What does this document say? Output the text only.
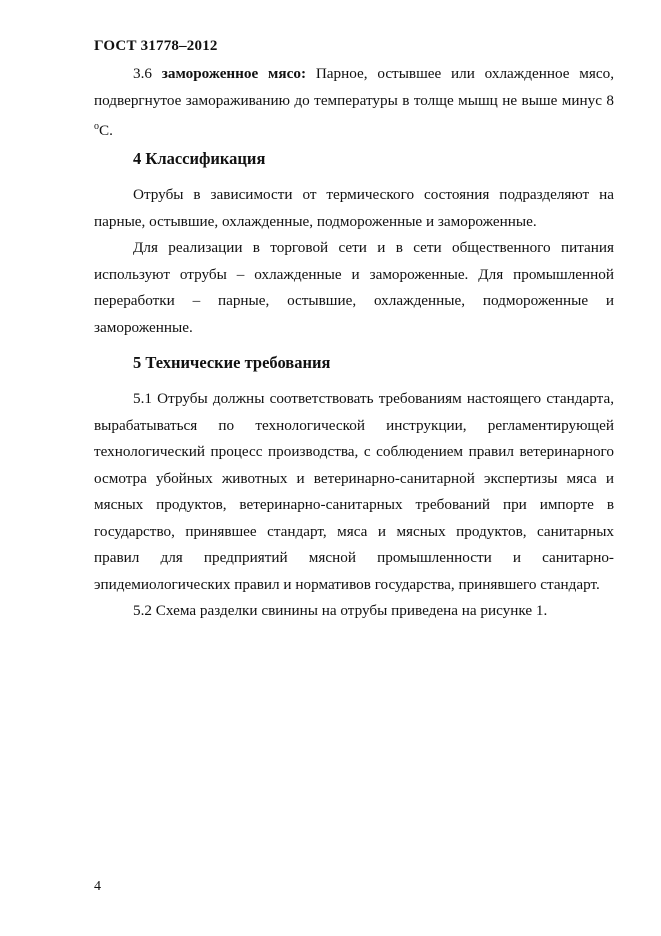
ГОСТ 31778–2012

3.6 замороженное мясо: Парное, остывшее или охлажденное мясо, подвергнутое замораживанию до температуры в толще мышц не выше минус 8 $^о$С.

4 Классификация

Отрубы в зависимости от термического состояния подразделяют на парные, остывшие, охлажденные, подмороженные и замороженные.

Для реализации в торговой сети и в сети общественного питания используют отрубы – охлажденные и замороженные. Для промышленной переработки – парные, остывшие, охлажденные, подмороженные и замороженные.

5 Технические требования

5.1 Отрубы должны соответствовать требованиям настоящего стандарта, вырабатываться по технологической инструкции, регламентирующей технологический процесс производства, с соблюдением правил ветеринарного осмотра убойных животных и ветеринарно-санитарной экспертизы мяса и мясных продуктов, ветеринарно-санитарных требований при импорте в государство, принявшее стандарт, мяса и мясных продуктов, санитарных правил для предприятий мясной промышленности и санитарно- эпидемиологических правил и нормативов государства, принявшего стандарт.

5.2 Схема разделки свинины на отрубы приведена на рисунке 1.

4
